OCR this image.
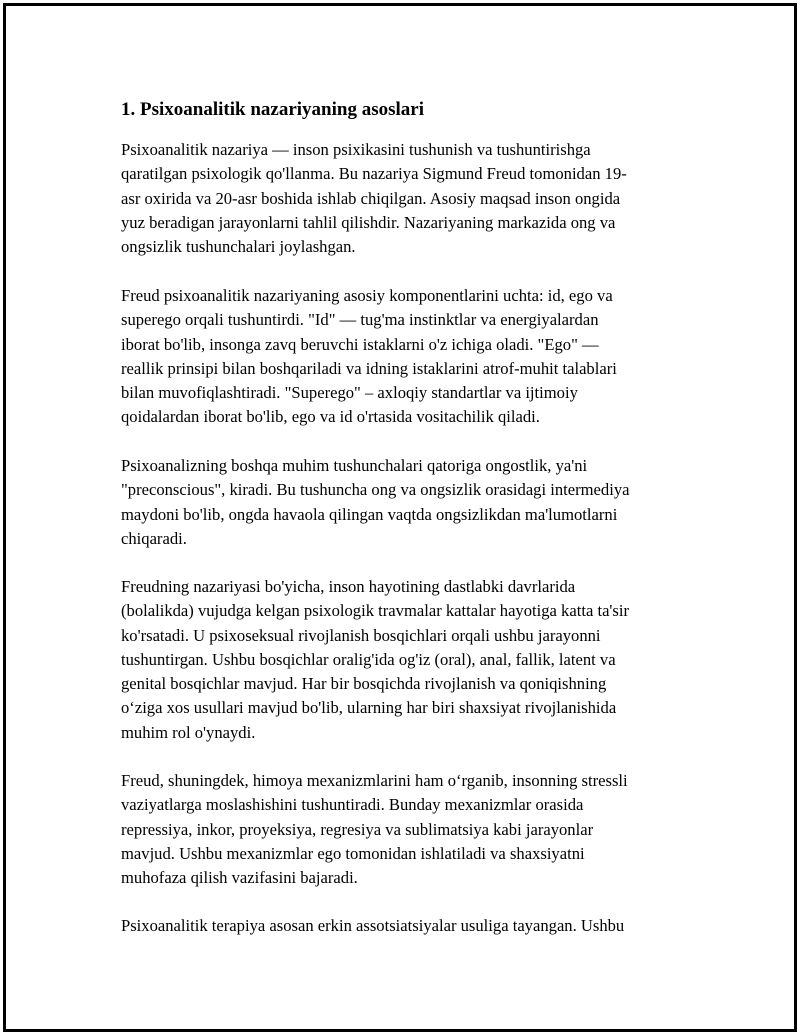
1. Psixoanalitik nazariyaning asoslari

Psixoanalitik nazariya — inson psixikasini tushunish va tushuntirishga
qaratilgan psixologik qo'llanma. Bu nazariya Sigmund Freud tomonidan 19-
asr oxirida va 20-asr boshida ishlab chiqilgan. Asosiy maqsad inson ongida
yuz beradigan jarayonlarni tahlil qilishdir. Nazariyaning markazida ong va
ongsizlik tushunchalari joylashgan.

Freud psixoanalitik nazariyaning asosiy komponentlarini uchta: id, ego va
superego orqali tushuntirdi. "Id" — tug'ma instinktlar va energiyalardan
iborat bo'lib, insonga zavq beruvchi istaklarni o'z ichiga oladi. "Ego" —
reallik prinsipi bilan boshqariladi va idning istaklarini atrof-muhit talablari
bilan muvofiqlashtiradi. "Superego" – axloqiy standartlar va ijtimoiy
qoidalardan iborat bo'lib, ego va id o'rtasida vositachilik qiladi.

Psixoanalizning boshqa muhim tushunchalari qatoriga ongostlik, ya'ni
"preconscious", kiradi. Bu tushuncha ong va ongsizlik orasidagi intermediya
maydoni bo'lib, ongda havaola qilingan vaqtda ongsizlikdan ma'lumotlarni
chiqaradi.

Freudning nazariyasi bo'yicha, inson hayotining dastlabki davrlarida
(bolalikda) vujudga kelgan psixologik travmalar kattalar hayotiga katta ta'sir
ko'rsatadi. U psixoseksual rivojlanish bosqichlari orqali ushbu jarayonni
tushuntirgan. Ushbu bosqichlar oralig'ida og'iz (oral), anal, fallik, latent va
genital bosqichlar mavjud. Har bir bosqichda rivojlanish va qoniqishning
o‘ziga xos usullari mavjud bo'lib, ularning har biri shaxsiyat rivojlanishida
muhim rol o'ynaydi.

Freud, shuningdek, himoya mexanizmlarini ham o‘rganib, insonning stressli
vaziyatlarga moslashishini tushuntiradi. Bunday mexanizmlar orasida
repressiya, inkor, proyeksiya, regresiya va sublimatsiya kabi jarayonlar
mavjud. Ushbu mexanizmlar ego tomonidan ishlatiladi va shaxsiyatni
muhofaza qilish vazifasini bajaradi.

Psixoanalitik terapiya asosan erkin assotsiatsiyalar usuliga tayangan. Ushbu
